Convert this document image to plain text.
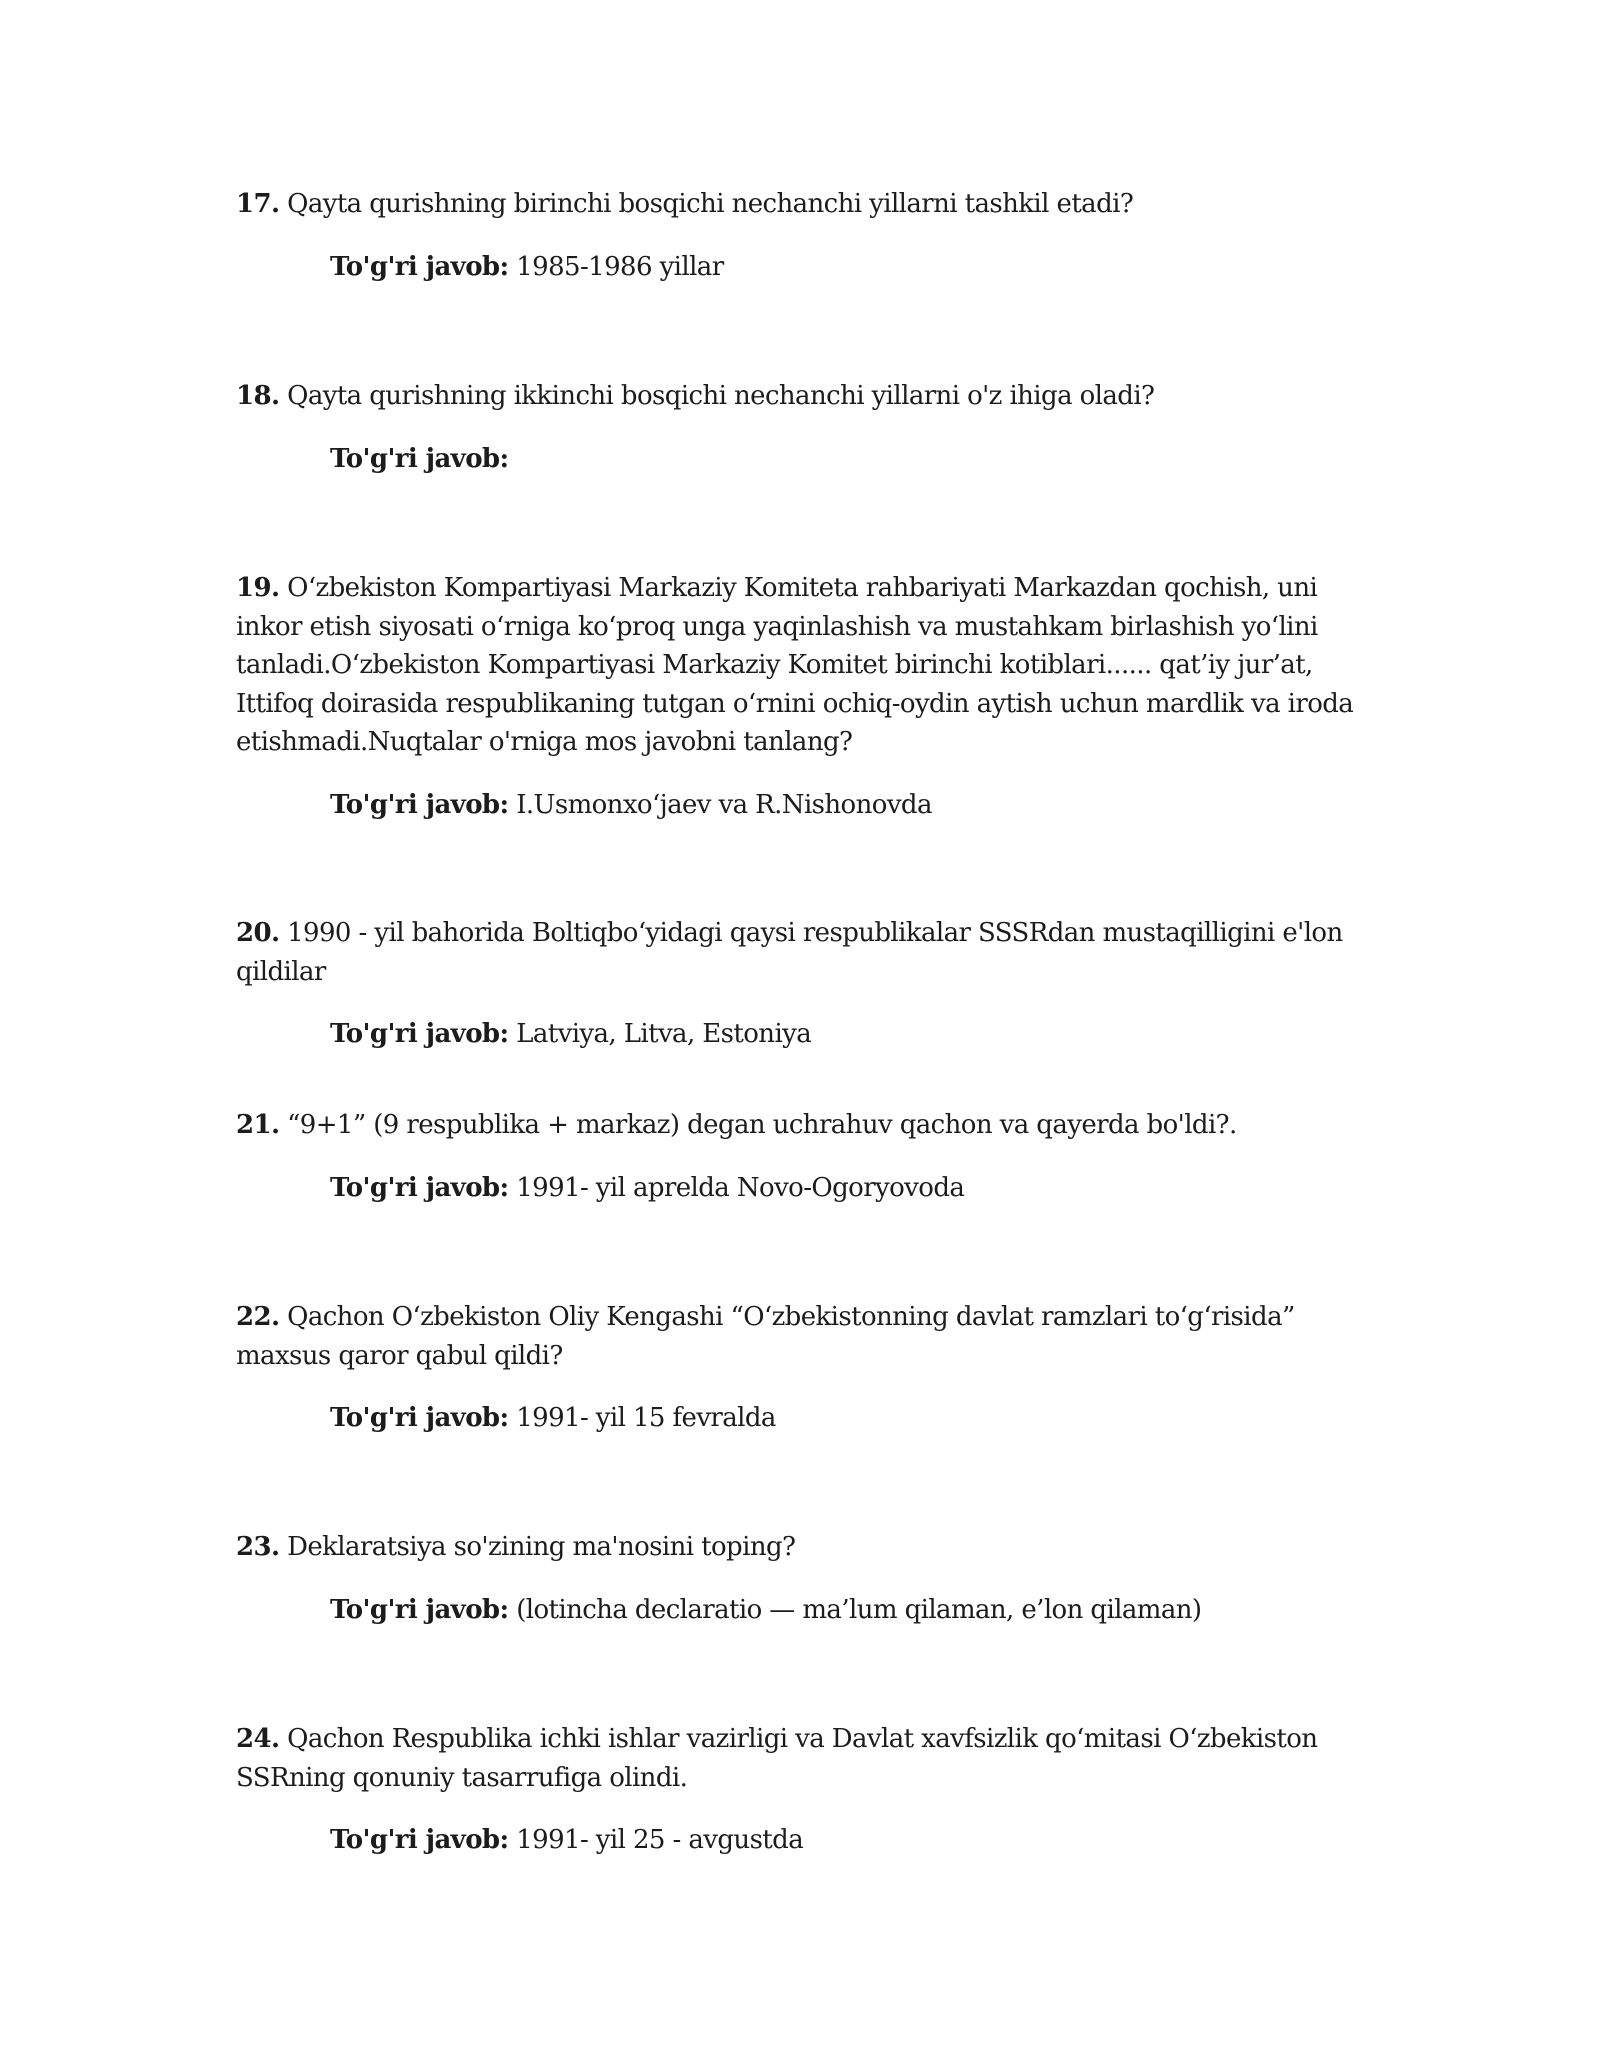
17. Qayta qurishning birinchi bosqichi nechanchi yillarni tashkil etadi?

To'g'ri javob: 1985-1986 yillar

18. Qayta qurishning ikkinchi bosqichi nechanchi yillarni o'z ihiga oladi?

To'g'ri javob:

19. O‘zbekiston Kompartiyasi Markaziy Komiteta rahbariyati Markazdan qochish, uni inkor etish siyosati o‘rniga ko‘proq unga yaqinlashish va mustahkam birlashish yo‘lini tanladi.O‘zbekiston Kompartiyasi Markaziy Komitet birinchi kotiblari...... qat’iy jur’at, Ittifoq doirasida respublikaning tutgan o‘rnini ochiq-oydin aytish uchun mardlik va iroda etishmadi.Nuqtalar o'rniga mos javobni tanlang?

To'g'ri javob: I.Usmonxo‘jaev va R.Nishonovda

20. 1990 - yil bahorida Boltiqbo‘yidagi qaysi respublikalar SSSRdan mustaqilligini e'lon qildilar

To'g'ri javob: Latviya, Litva, Estoniya

21. “9+1” (9 respublika + markaz) degan uchrahuv qachon va qayerda bo'ldi?.

To'g'ri javob: 1991- yil aprelda Novo-Ogoryovoda

22. Qachon O‘zbekiston Oliy Kengashi “O‘zbekistonning davlat ramzlari to‘g‘risida” maxsus qaror qabul qildi?

To'g'ri javob: 1991- yil 15 fevralda

23. Deklaratsiya so'zining ma'nosini toping?

To'g'ri javob: (lotincha declaratio — ma’lum qilaman, e’lon qilaman)

24. Qachon Respublika ichki ishlar vazirligi va Davlat xavfsizlik qo‘mitasi O‘zbekiston SSRning qonuniy tasarrufiga olindi.

To'g'ri javob: 1991- yil 25 - avgustda
